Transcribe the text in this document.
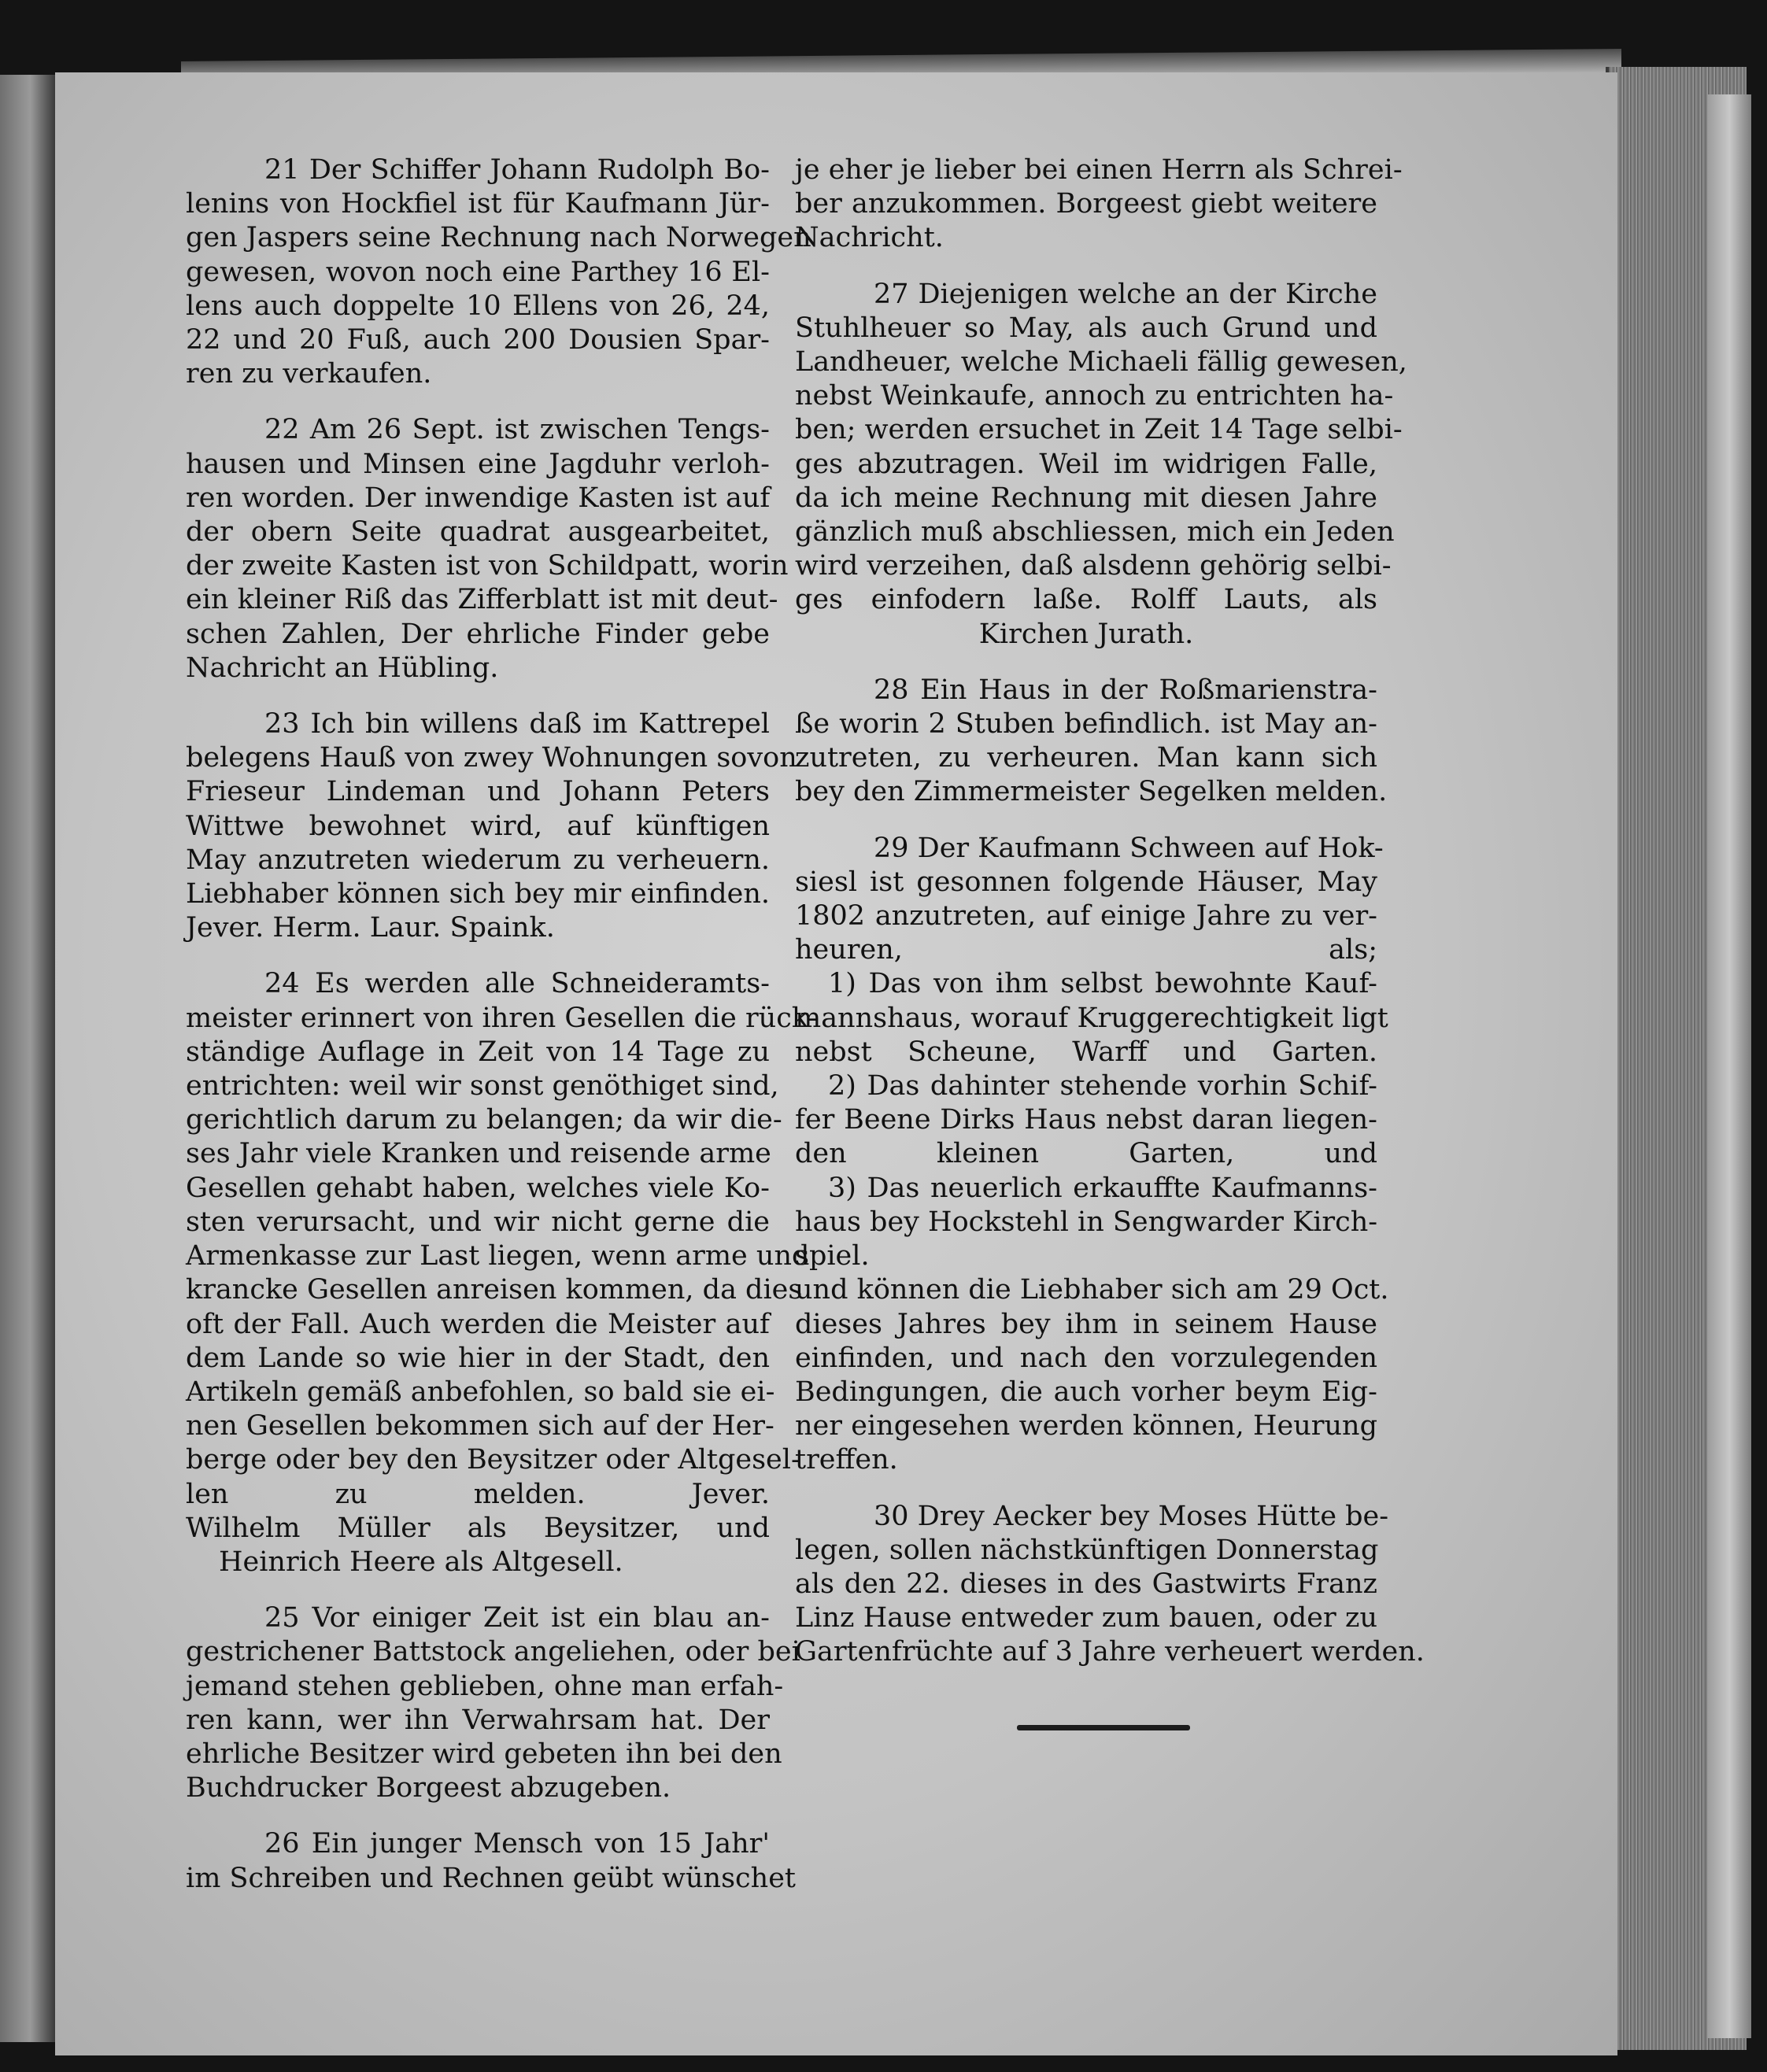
21 Der Schiffer Johann Rudolph Bo-
lenins von Hockfiel ist für Kaufmann Jür-
gen Jaspers seine Rechnung nach Norwegen
gewesen, wovon noch eine Parthey 16 El-
lens auch doppelte 10 Ellens von 26, 24,
22 und 20 Fuß, auch 200 Dousien Spar-
ren zu verkaufen.
22 Am 26 Sept. ist zwischen Tengs-
hausen und Minsen eine Jagduhr verloh-
ren worden. Der inwendige Kasten ist auf
der obern Seite quadrat ausgearbeitet,
der zweite Kasten ist von Schildpatt, worin
ein kleiner Riß das Zifferblatt ist mit deut-
schen Zahlen, Der ehrliche Finder gebe
Nachricht an Hübling.
23 Ich bin willens daß im Kattrepel
belegens Hauß von zwey Wohnungen sovon
Frieseur Lindeman und Johann Peters
Wittwe bewohnet wird, auf künftigen
May anzutreten wiederum zu verheuern.
Liebhaber können sich bey mir einfinden.
Jever. Herm. Laur. Spaink.
24 Es werden alle Schneideramts-
meister erinnert von ihren Gesellen die rück-
ständige Auflage in Zeit von 14 Tage zu
entrichten: weil wir sonst genöthiget sind,
gerichtlich darum zu belangen; da wir die-
ses Jahr viele Kranken und reisende arme
Gesellen gehabt haben, welches viele Ko-
sten verursacht, und wir nicht gerne die
Armenkasse zur Last liegen, wenn arme und
krancke Gesellen anreisen kommen, da dies
oft der Fall. Auch werden die Meister auf
dem Lande so wie hier in der Stadt, den
Artikeln gemäß anbefohlen, so bald sie ei-
nen Gesellen bekommen sich auf der Her-
berge oder bey den Beysitzer oder Altgesel-
len zu melden. Jever.
Wilhelm Müller als Beysitzer, und
Heinrich Heere als Altgesell.
25 Vor einiger Zeit ist ein blau an-
gestrichener Battstock angeliehen, oder bei
jemand stehen geblieben, ohne man erfah-
ren kann, wer ihn Verwahrsam hat. Der
ehrliche Besitzer wird gebeten ihn bei den
Buchdrucker Borgeest abzugeben.
26 Ein junger Mensch von 15 Jahr'
im Schreiben und Rechnen geübt wünschet
je eher je lieber bei einen Herrn als Schrei-
ber anzukommen. Borgeest giebt weitere
Nachricht.
27 Diejenigen welche an der Kirche
Stuhlheuer so May, als auch Grund und
Landheuer, welche Michaeli fällig gewesen,
nebst Weinkaufe, annoch zu entrichten ha-
ben; werden ersuchet in Zeit 14 Tage selbi-
ges abzutragen. Weil im widrigen Falle,
da ich meine Rechnung mit diesen Jahre
gänzlich muß abschliessen, mich ein Jeden
wird verzeihen, daß alsdenn gehörig selbi-
ges einfodern laße. Rolff Lauts, als
Kirchen Jurath.
28 Ein Haus in der Roßmarienstra-
ße worin 2 Stuben befindlich. ist May an-
zutreten, zu verheuren. Man kann sich
bey den Zimmermeister Segelken melden.
29 Der Kaufmann Schween auf Hok-
siesl ist gesonnen folgende Häuser, May
1802 anzutreten, auf einige Jahre zu ver-
heuren, als;
1) Das von ihm selbst bewohnte Kauf-
mannshaus, worauf Kruggerechtigkeit ligt
nebst Scheune, Warff und Garten.
2) Das dahinter stehende vorhin Schif-
fer Beene Dirks Haus nebst daran liegen-
den kleinen Garten, und
3) Das neuerlich erkauffte Kaufmanns-
haus bey Hockstehl in Sengwarder Kirch-
spiel.
und können die Liebhaber sich am 29 Oct.
dieses Jahres bey ihm in seinem Hause
einfinden, und nach den vorzulegenden
Bedingungen, die auch vorher beym Eig-
ner eingesehen werden können, Heurung
treffen.
30 Drey Aecker bey Moses Hütte be-
legen, sollen nächstkünftigen Donnerstag
als den 22. dieses in des Gastwirts Franz
Linz Hause entweder zum bauen, oder zu
Gartenfrüchte auf 3 Jahre verheuert werden.
